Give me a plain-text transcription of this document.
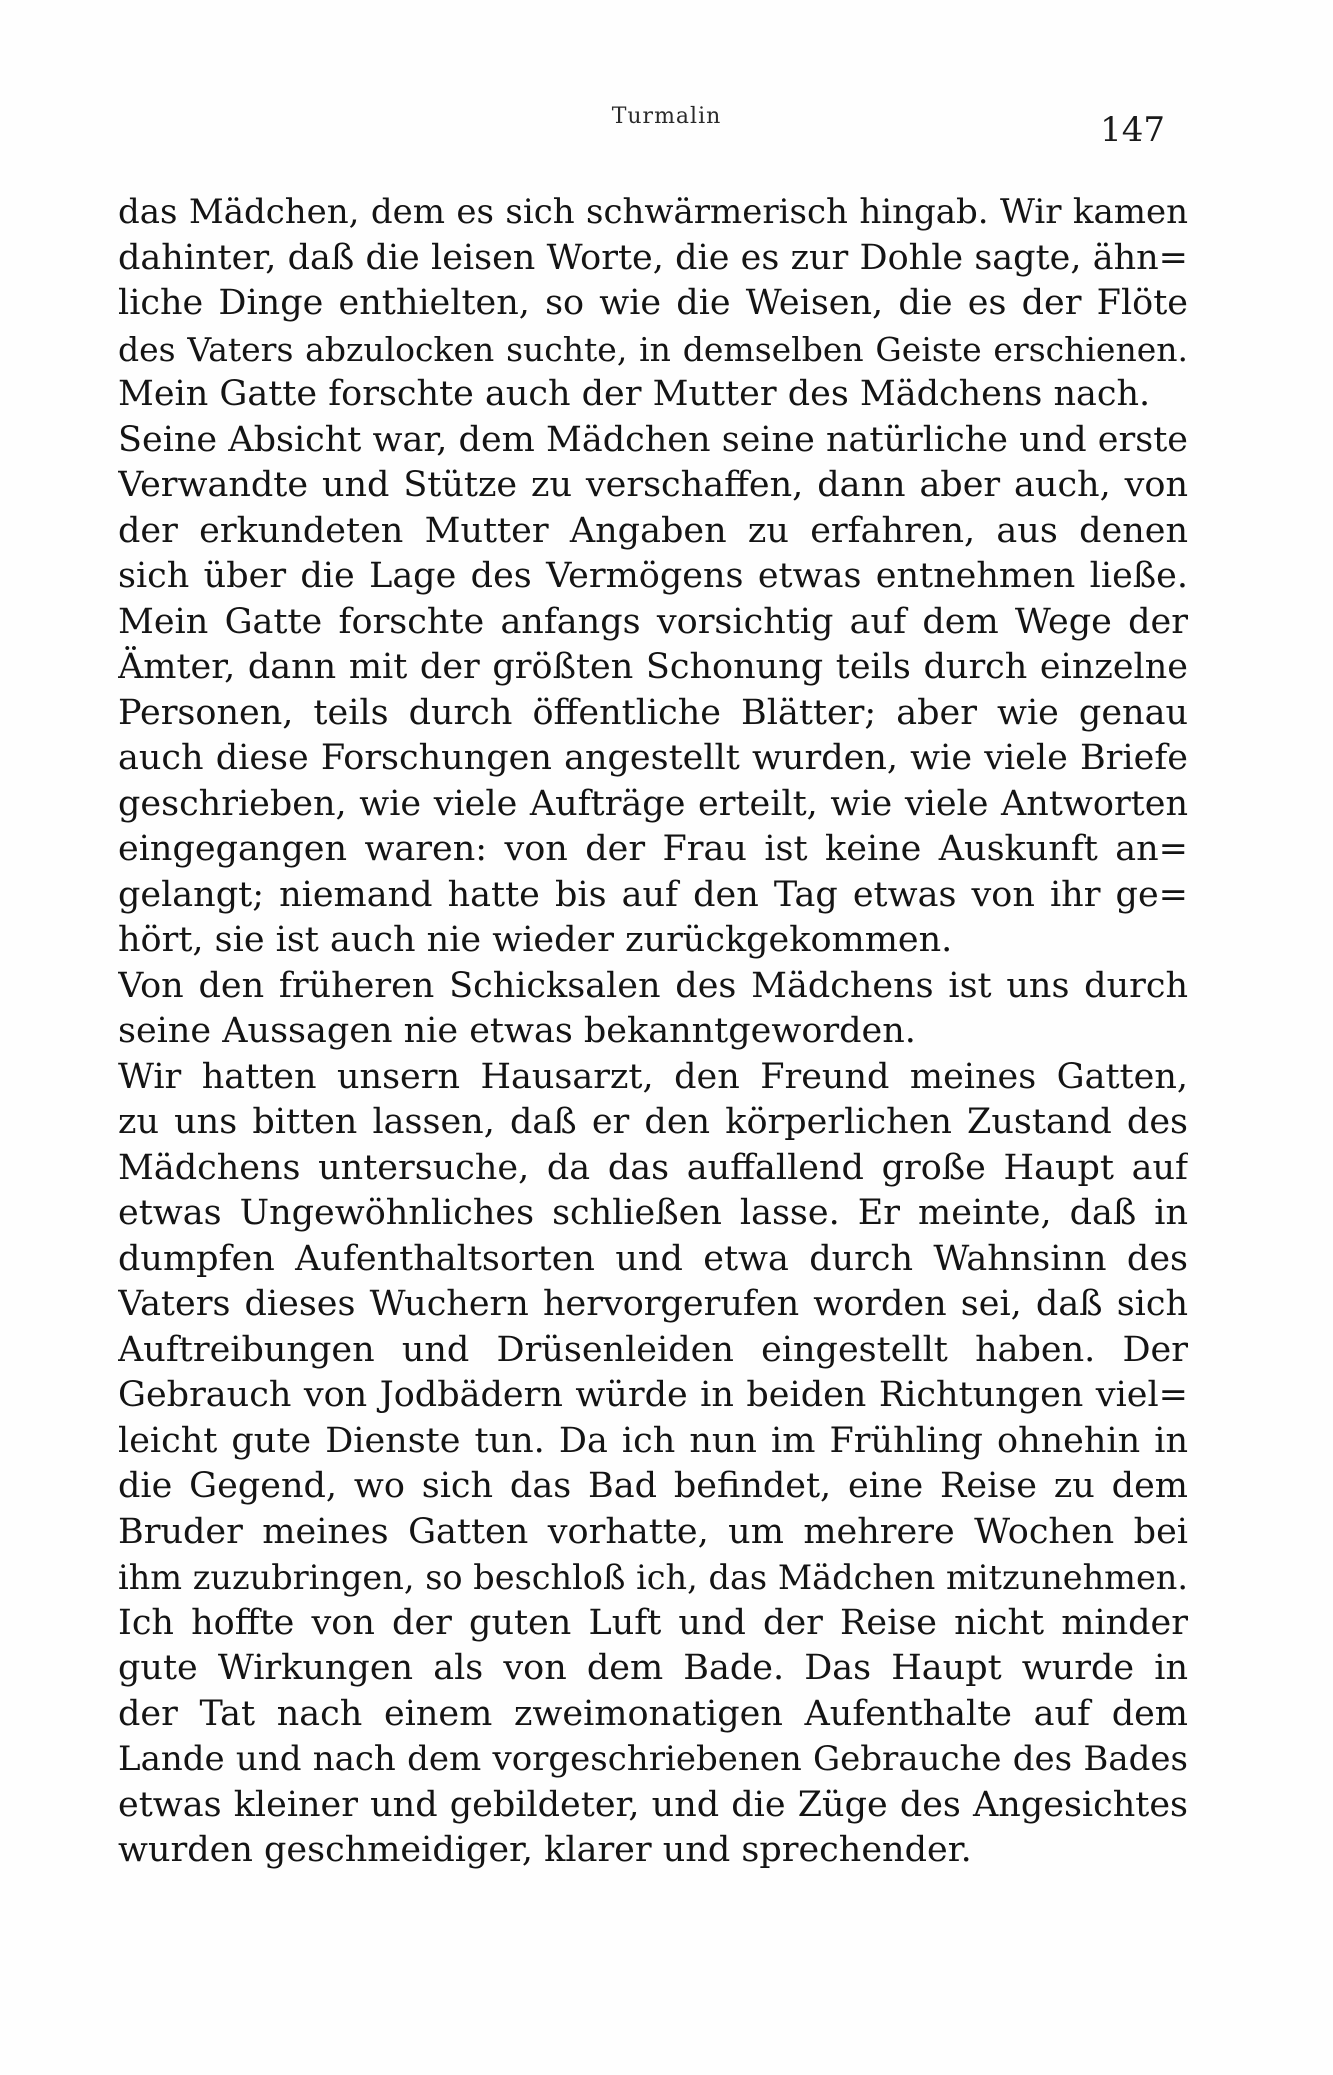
Turmalin	147
das Mädchen, dem es sich schwärmerisch hingab. Wir kamen
dahinter, daß die leisen Worte, die es zur Dohle sagte, ähn=
liche Dinge enthielten, so wie die Weisen, die es der Flöte
des Vaters abzulocken suchte, in demselben Geiste erschienen.
Mein Gatte forschte auch der Mutter des Mädchens nach.
Seine Absicht war, dem Mädchen seine natürliche und erste
Verwandte und Stütze zu verschaffen, dann aber auch, von
der erkundeten Mutter Angaben zu erfahren, aus denen
sich über die Lage des Vermögens etwas entnehmen ließe.
Mein Gatte forschte anfangs vorsichtig auf dem Wege der
Ämter, dann mit der größten Schonung teils durch einzelne
Personen, teils durch öffentliche Blätter; aber wie genau
auch diese Forschungen angestellt wurden, wie viele Briefe
geschrieben, wie viele Aufträge erteilt, wie viele Antworten
eingegangen waren: von der Frau ist keine Auskunft an=
gelangt; niemand hatte bis auf den Tag etwas von ihr ge=
hört, sie ist auch nie wieder zurückgekommen.
Von den früheren Schicksalen des Mädchens ist uns durch
seine Aussagen nie etwas bekanntgeworden.
Wir hatten unsern Hausarzt, den Freund meines Gatten,
zu uns bitten lassen, daß er den körperlichen Zustand des
Mädchens untersuche, da das auffallend große Haupt auf
etwas Ungewöhnliches schließen lasse. Er meinte, daß in
dumpfen Aufenthaltsorten und etwa durch Wahnsinn des
Vaters dieses Wuchern hervorgerufen worden sei, daß sich
Auftreibungen und Drüsenleiden eingestellt haben. Der
Gebrauch von Jodbädern würde in beiden Richtungen viel=
leicht gute Dienste tun. Da ich nun im Frühling ohnehin in
die Gegend, wo sich das Bad befindet, eine Reise zu dem
Bruder meines Gatten vorhatte, um mehrere Wochen bei
ihm zuzubringen, so beschloß ich, das Mädchen mitzunehmen.
Ich hoffte von der guten Luft und der Reise nicht minder
gute Wirkungen als von dem Bade. Das Haupt wurde in
der Tat nach einem zweimonatigen Aufenthalte auf dem
Lande und nach dem vorgeschriebenen Gebrauche des Bades
etwas kleiner und gebildeter, und die Züge des Angesichtes
wurden geschmeidiger, klarer und sprechender.
